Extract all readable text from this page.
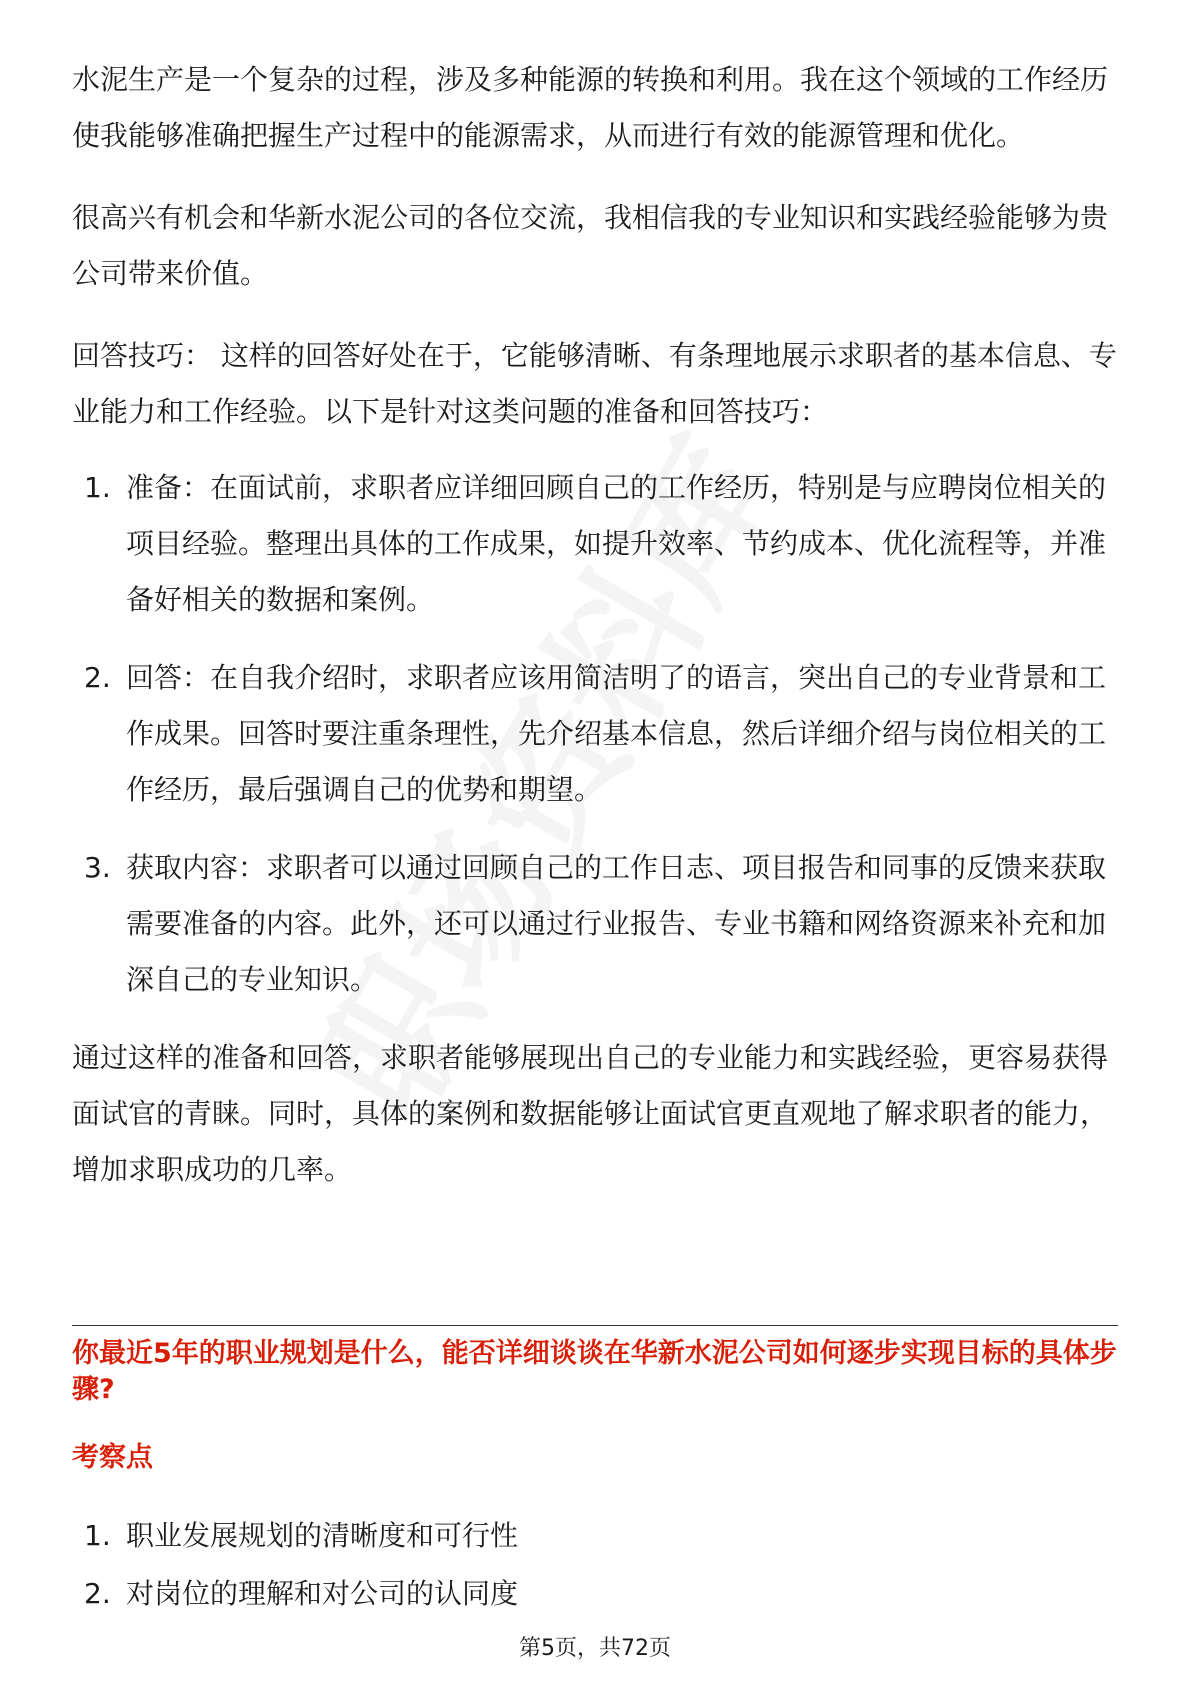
水泥生产是一个复杂的过程，涉及多种能源的转换和利用。我在这个领域的工作经历使我能够准确把握生产过程中的能源需求，从而进行有效的能源管理和优化。

很高兴有机会和华新水泥公司的各位交流，我相信我的专业知识和实践经验能够为贵公司带来价值。

回答技巧： 这样的回答好处在于，它能够清晰、有条理地展示求职者的基本信息、专业能力和工作经验。以下是针对这类问题的准备和回答技巧：

1. 准备：在面试前，求职者应详细回顾自己的工作经历，特别是与应聘岗位相关的项目经验。整理出具体的工作成果，如提升效率、节约成本、优化流程等，并准备好相关的数据和案例。
2. 回答：在自我介绍时，求职者应该用简洁明了的语言，突出自己的专业背景和工作成果。回答时要注重条理性，先介绍基本信息，然后详细介绍与岗位相关的工作经历，最后强调自己的优势和期望。
3. 获取内容：求职者可以通过回顾自己的工作日志、项目报告和同事的反馈来获取需要准备的内容。此外，还可以通过行业报告、专业书籍和网络资源来补充和加深自己的专业知识。

通过这样的准备和回答，求职者能够展现出自己的专业能力和实践经验，更容易获得面试官的青睐。同时，具体的案例和数据能够让面试官更直观地了解求职者的能力，增加求职成功的几率。

你最近5年的职业规划是什么，能否详细谈谈在华新水泥公司如何逐步实现目标的具体步骤?
考察点
1. 职业发展规划的清晰度和可行性
2. 对岗位的理解和对公司的认同度
第5页，共72页
